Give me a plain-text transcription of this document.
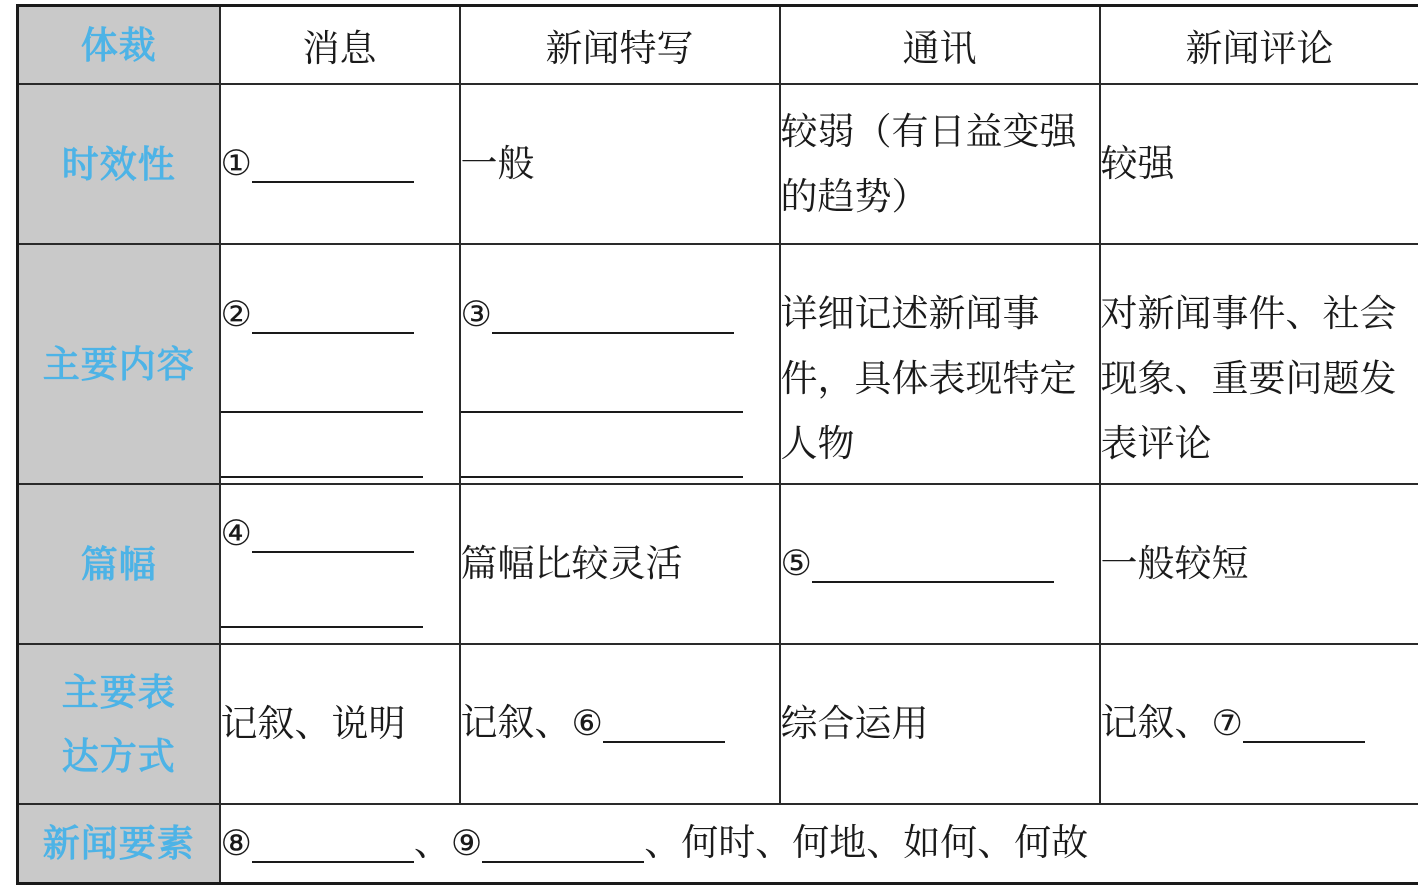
体裁	消息	新闻特写	通讯	新闻评论
时效性	①	一般	较弱（有日益变强的趋势）	较强
主要内容	②	③	详细记述新闻事件，具体表现特定人物	对新闻事件、社会现象、重要问题发表评论
篇幅	④	篇幅比较灵活	⑤	一般较短

主要表达方式	记叙、说明	记叙、⑥	综合运用	记叙、⑦
新闻要素	⑧ 、⑨ 、何时、何地、如何、何故			
